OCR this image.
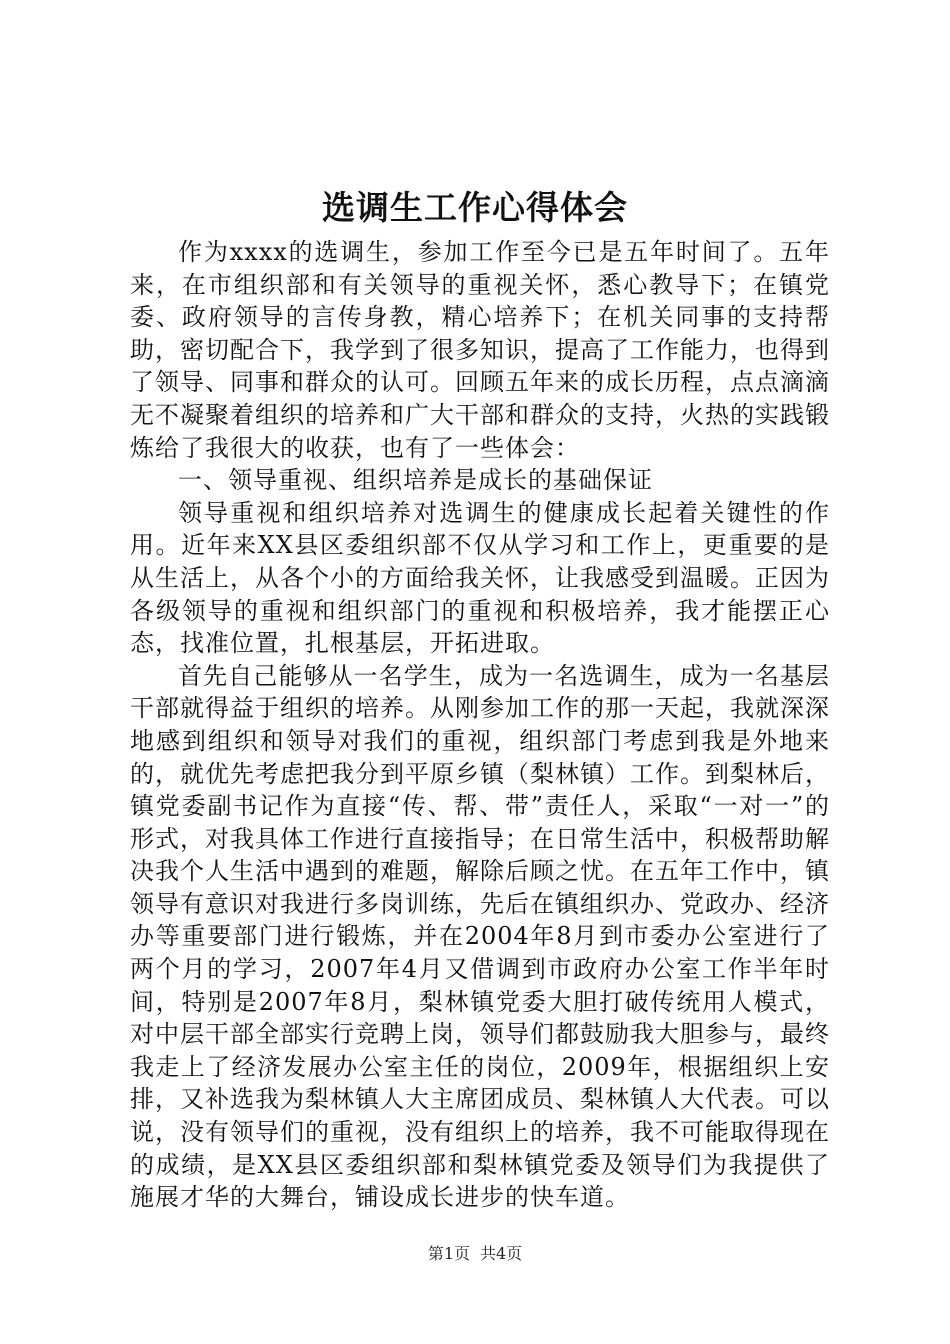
选调生工作心得体会

作为xxxx的选调生，参加工作至今已是五年时间了。五年来，在市组织部和有关领导的重视关怀，悉心教导下；在镇党委、政府领导的言传身教，精心培养下；在机关同事的支持帮助，密切配合下，我学到了很多知识，提高了工作能力，也得到了领导、同事和群众的认可。回顾五年来的成长历程，点点滴滴无不凝聚着组织的培养和广大干部和群众的支持，火热的实践锻炼给了我很大的收获，也有了一些体会：

一、领导重视、组织培养是成长的基础保证

领导重视和组织培养对选调生的健康成长起着关键性的作用。近年来XX县区委组织部不仅从学习和工作上，更重要的是从生活上，从各个小的方面给我关怀，让我感受到温暖。正因为各级领导的重视和组织部门的重视和积极培养，我才能摆正心态，找准位置，扎根基层，开拓进取。

首先自己能够从一名学生，成为一名选调生，成为一名基层干部就得益于组织的培养。从刚参加工作的那一天起，我就深深地感到组织和领导对我们的重视，组织部门考虑到我是外地来的，就优先考虑把我分到平原乡镇（梨林镇）工作。到梨林后，镇党委副书记作为直接“传、帮、带”责任人，采取“一对一”的形式，对我具体工作进行直接指导；在日常生活中，积极帮助解决我个人生活中遇到的难题，解除后顾之忧。在五年工作中，镇领导有意识对我进行多岗训练，先后在镇组织办、党政办、经济办等重要部门进行锻炼，并在2004年8月到市委办公室进行了两个月的学习，2007年4月又借调到市政府办公室工作半年时间，特别是2007年8月，梨林镇党委大胆打破传统用人模式，对中层干部全部实行竞聘上岗，领导们都鼓励我大胆参与，最终我走上了经济发展办公室主任的岗位，2009年，根据组织上安排，又补选我为梨林镇人大主席团成员、梨林镇人大代表。可以说，没有领导们的重视，没有组织上的培养，我不可能取得现在的成绩，是XX县区委组织部和梨林镇党委及领导们为我提供了施展才华的大舞台，铺设成长进步的快车道。

第1页 共4页
